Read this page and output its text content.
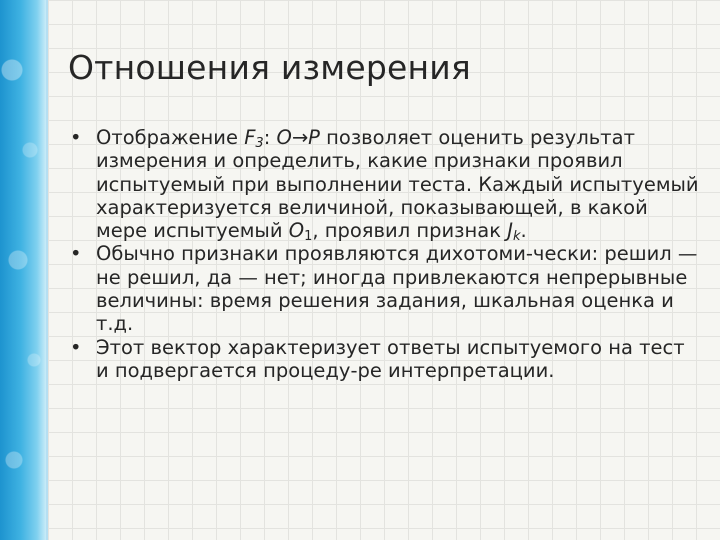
Отношения измерения
• Отображение $F_3$: O→P позволяет оценить результат измерения и определить, какие признаки проявил испытуемый при выполнении теста. Каждый испытуемый характеризуется величиной, показывающей, в какой мере испытуемый $O_1$, проявил признак $J_k$.
• Обычно признаки проявляются дихотоми-чески: решил — не решил, да — нет; иногда привлекаются непрерывные величины: время решения задания, шкальная оценка и т.д.
• Этот вектор характеризует ответы испытуемого на тест и подвергается процеду-ре интерпретации.
